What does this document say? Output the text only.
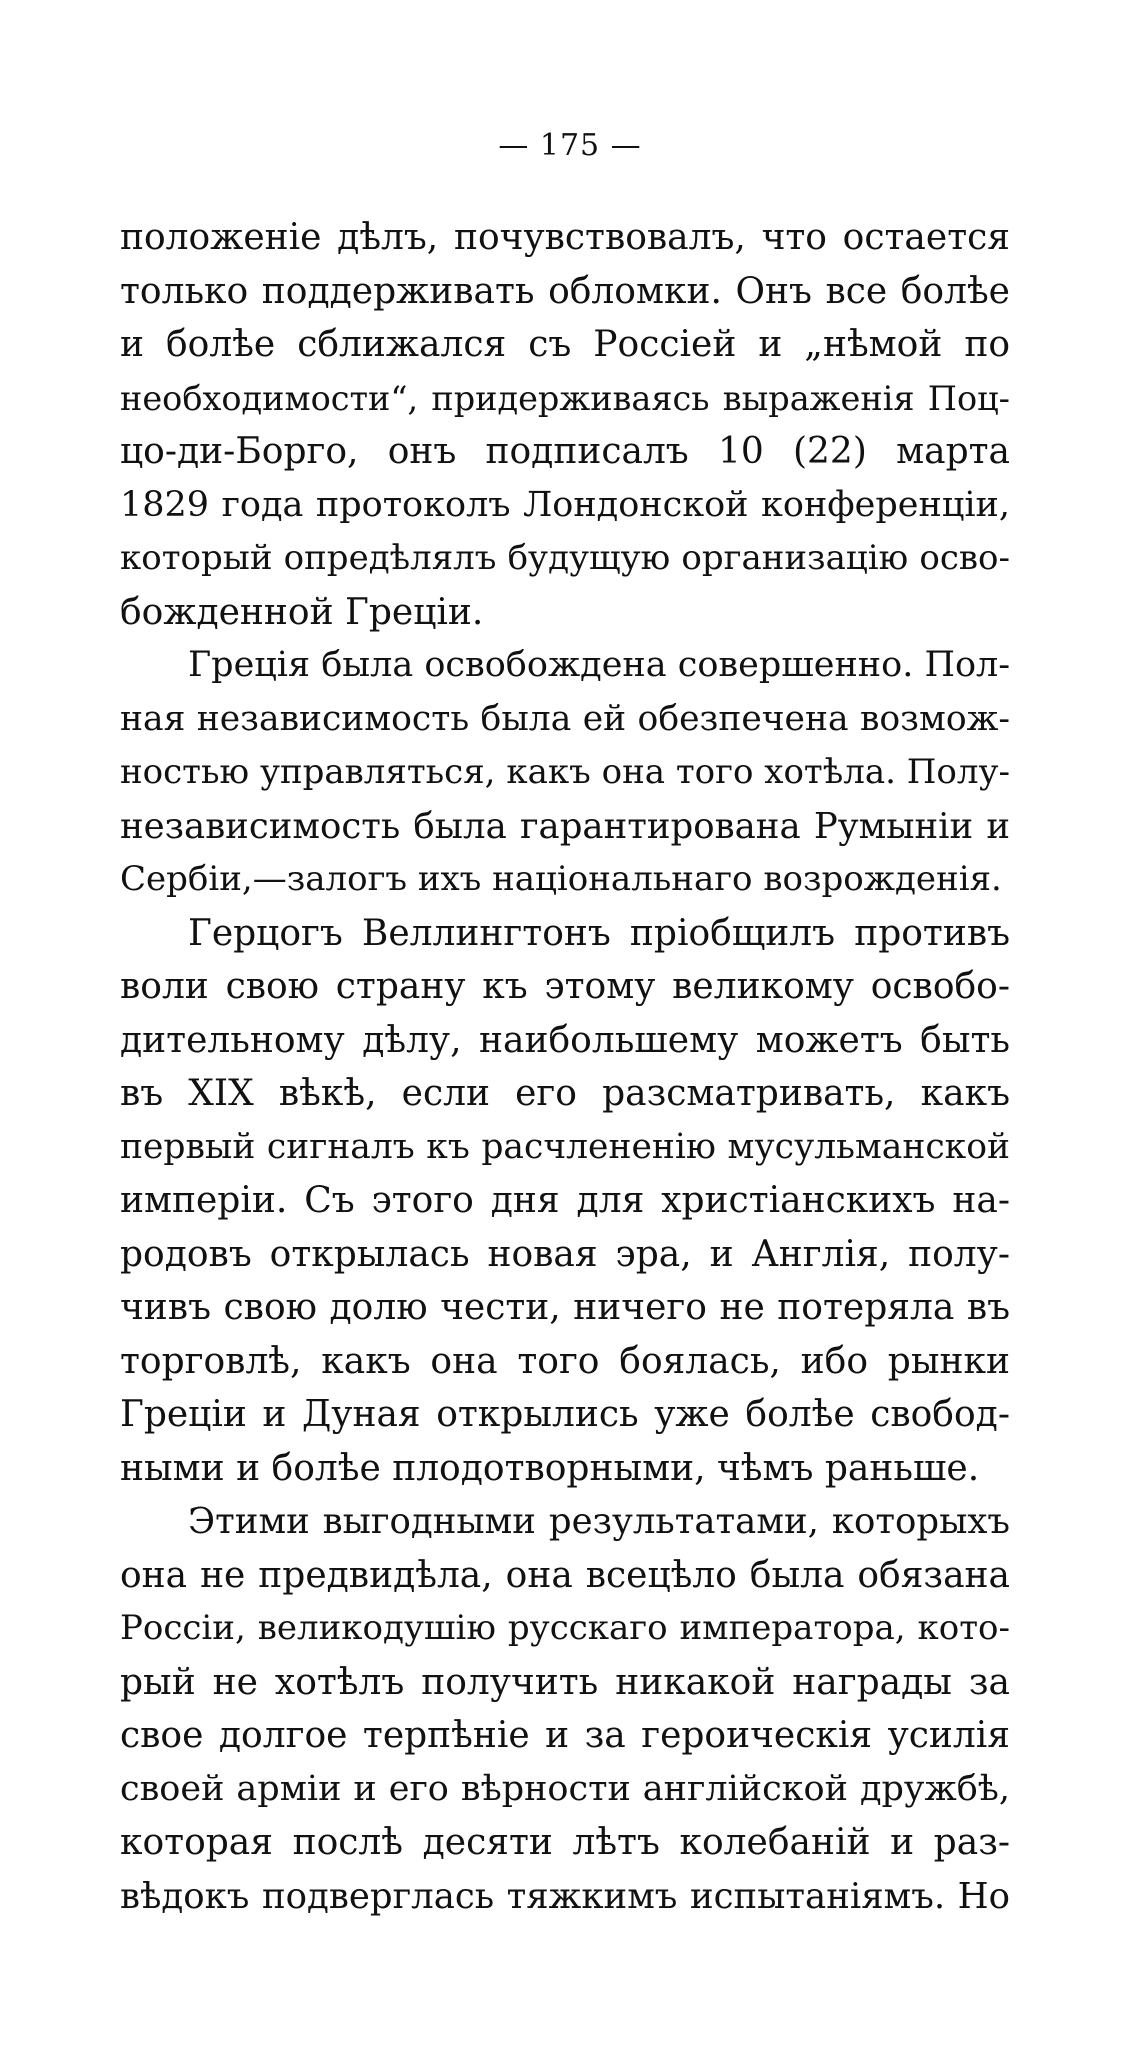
— 175 —
положеніе дѣлъ, почувствовалъ, что остается
только поддерживать обломки. Онъ все болѣе
и болѣе сближался съ Россіей и „нѣмой по
необходимости“, придерживаясь выраженія Поц-
цо-ди-Борго, онъ подписалъ 10 (22) марта
1829 года протоколъ Лондонской конференціи,
который опредѣлялъ будущую организацію осво-
божденной Греціи.
Греція была освобождена совершенно. Пол-
ная независимость была ей обезпечена возмож-
ностью управляться, какъ она того хотѣла. Полу-
независимость была гарантирована Румыніи и
Сербіи,—залогъ ихъ національнаго возрожденія.
Герцогъ Веллингтонъ пріобщилъ противъ
воли свою страну къ этому великому освобо-
дительному дѣлу, наибольшему можетъ быть
въ XIX вѣкѣ, если его разсматривать, какъ
первый сигналъ къ расчлененію мусульманской
имперіи. Съ этого дня для христіанскихъ на-
родовъ открылась новая эра, и Англія, полу-
чивъ свою долю чести, ничего не потеряла въ
торговлѣ, какъ она того боялась, ибо рынки
Греціи и Дуная открылись уже болѣе свобод-
ными и болѣе плодотворными, чѣмъ раньше.
Этими выгодными результатами, которыхъ
она не предвидѣла, она всецѣло была обязана
Россіи, великодушію русскаго императора, кото-
рый не хотѣлъ получить никакой награды за
свое долгое терпѣніе и за героическія усилія
своей арміи и его вѣрности англійской дружбѣ,
которая послѣ десяти лѣтъ колебаній и раз-
вѣдокъ подверглась тяжкимъ испытаніямъ. Но
